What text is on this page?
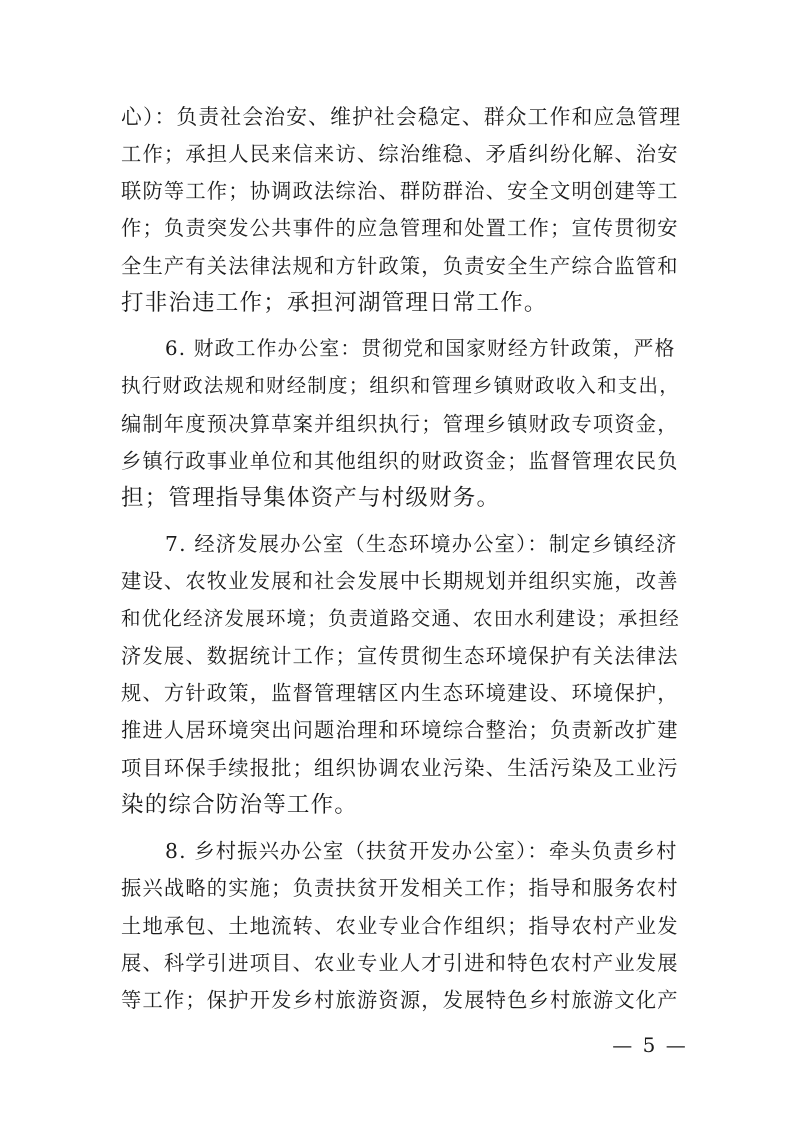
心）：负责社会治安、维护社会稳定、群众工作和应急管理
工作；承担人民来信来访、综治维稳、矛盾纠纷化解、治安
联防等工作；协调政法综治、群防群治、安全文明创建等工
作；负责突发公共事件的应急管理和处置工作；宣传贯彻安
全生产有关法律法规和方针政策，负责安全生产综合监管和
打非治违工作；承担河湖管理日常工作。
6. 财政工作办公室：贯彻党和国家财经方针政策，严格
执行财政法规和财经制度；组织和管理乡镇财政收入和支出，
编制年度预决算草案并组织执行；管理乡镇财政专项资金，
乡镇行政事业单位和其他组织的财政资金；监督管理农民负
担；管理指导集体资产与村级财务。
7. 经济发展办公室（生态环境办公室）：制定乡镇经济
建设、农牧业发展和社会发展中长期规划并组织实施，改善
和优化经济发展环境；负责道路交通、农田水利建设；承担经
济发展、数据统计工作；宣传贯彻生态环境保护有关法律法
规、方针政策，监督管理辖区内生态环境建设、环境保护，
推进人居环境突出问题治理和环境综合整治；负责新改扩建
项目环保手续报批；组织协调农业污染、生活污染及工业污
染的综合防治等工作。
8. 乡村振兴办公室（扶贫开发办公室）：牵头负责乡村
振兴战略的实施；负责扶贫开发相关工作；指导和服务农村
土地承包、土地流转、农业专业合作组织；指导农村产业发
展、科学引进项目、农业专业人才引进和特色农村产业发展
等工作；保护开发乡村旅游资源，发展特色乡村旅游文化产
— 5 —
